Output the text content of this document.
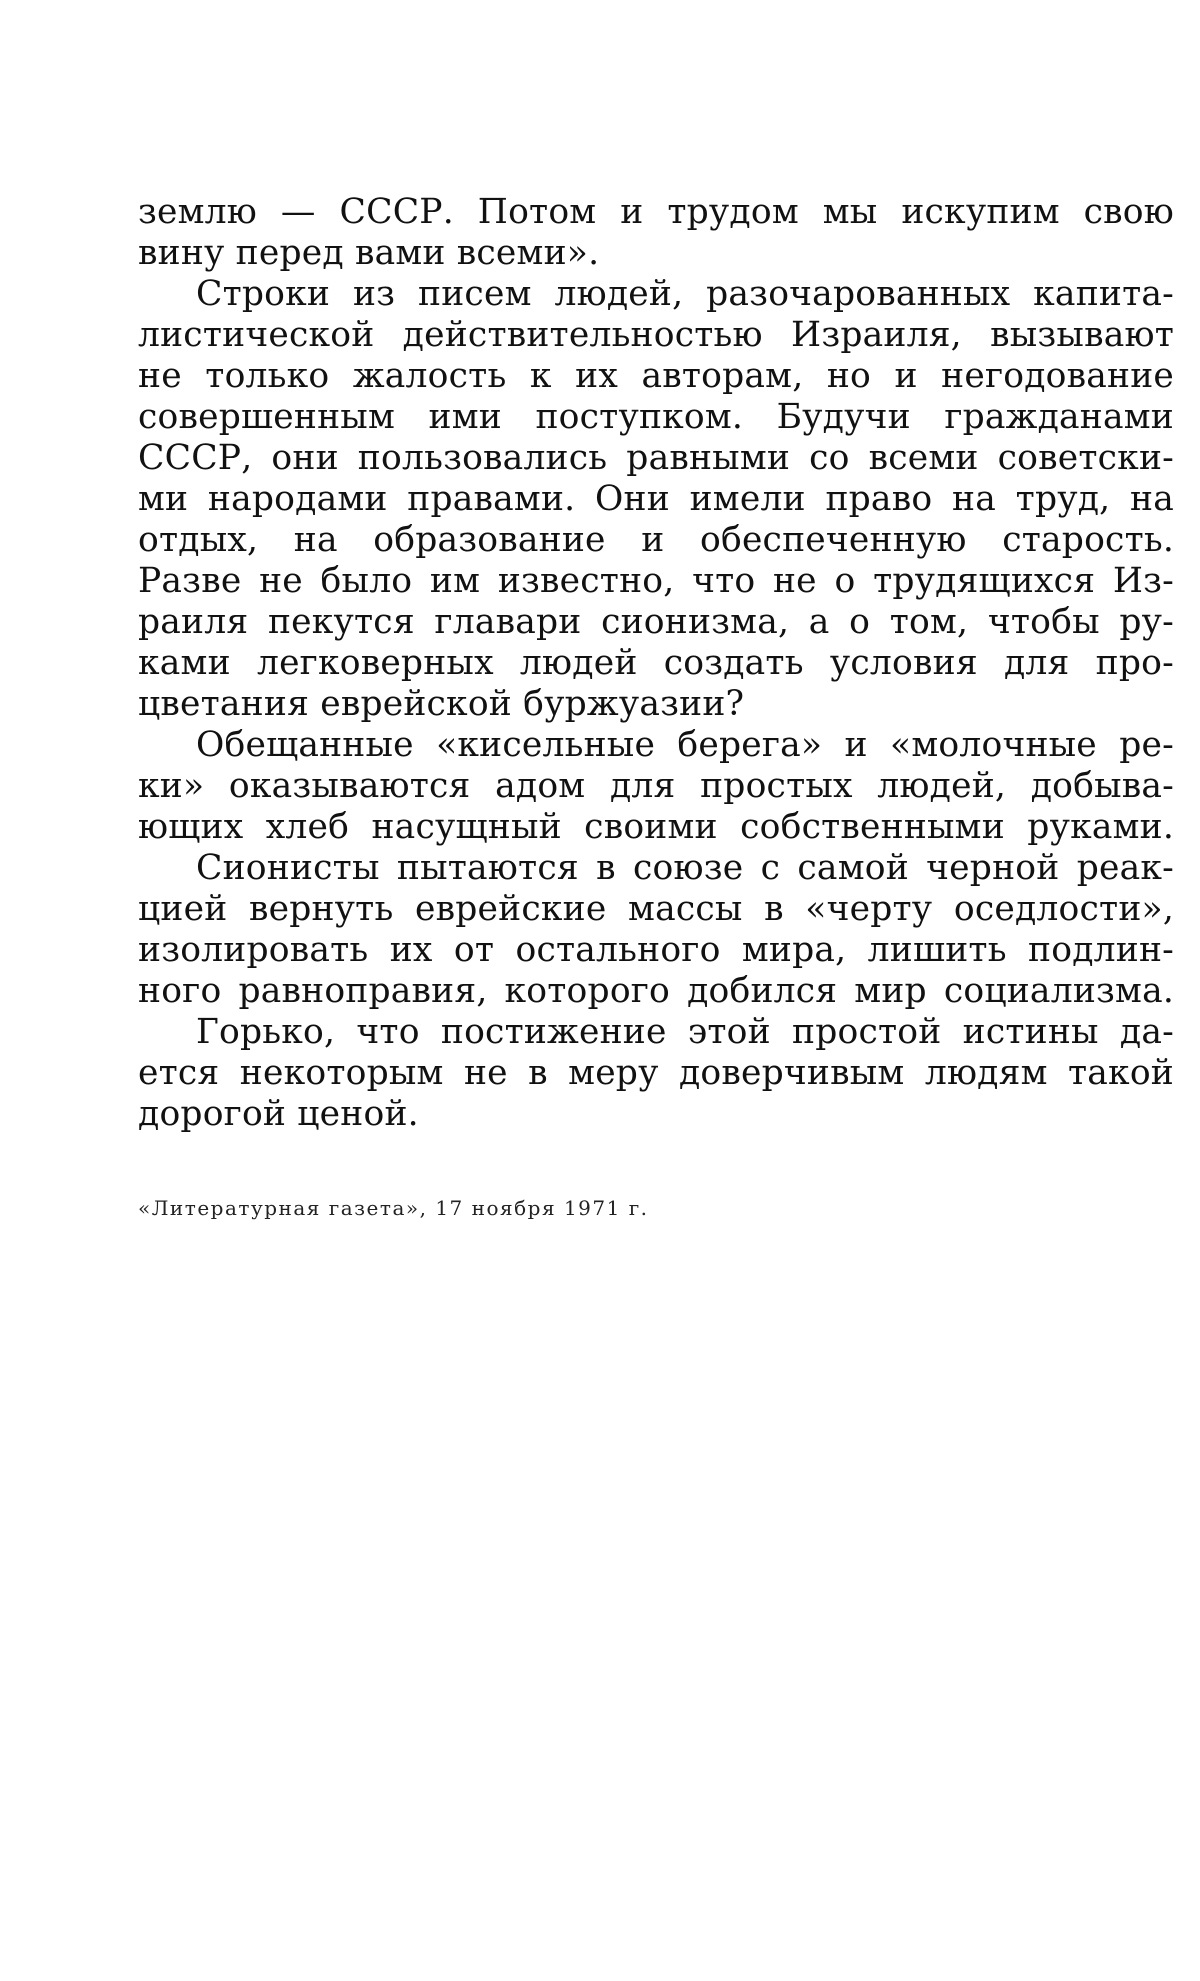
землю — СССР. Потом и трудом мы искупим свою
вину перед вами всеми».
Строки из писем людей, разочарованных капита-
листической действительностью Израиля, вызывают
не только жалость к их авторам, но и негодование
совершенным ими поступком. Будучи гражданами
СССР, они пользовались равными со всеми советски-
ми народами правами. Они имели право на труд, на
отдых, на образование и обеспеченную старость.
Разве не было им известно, что не о трудящихся Из-
раиля пекутся главари сионизма, а о том, чтобы ру-
ками легковерных людей создать условия для про-
цветания еврейской буржуазии?
Обещанные «кисельные берега» и «молочные ре-
ки» оказываются адом для простых людей, добыва-
ющих хлеб насущный своими собственными руками.
Сионисты пытаются в союзе с самой черной реак-
цией вернуть еврейские массы в «черту оседлости»,
изолировать их от остального мира, лишить подлин-
ного равноправия, которого добился мир социализма.
Горько, что постижение этой простой истины да-
ется некоторым не в меру доверчивым людям такой
дорогой ценой.
«Литературная газета», 17 ноября 1971 г.
